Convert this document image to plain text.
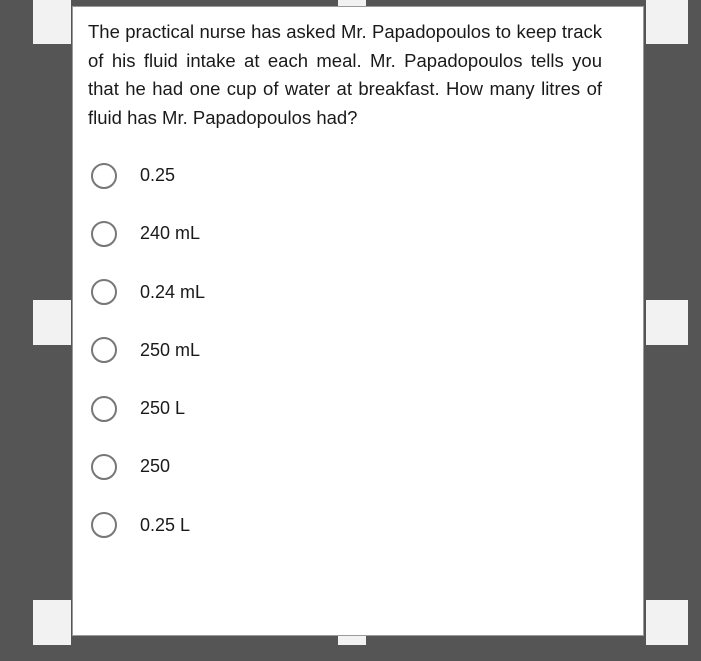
The practical nurse has asked Mr. Papadopoulos to keep track of his fluid intake at each meal. Mr. Papadopoulos tells you that he had one cup of water at breakfast. How many litres of fluid has Mr. Papadopoulos had?

0.25
240 mL
0.24 mL
250 mL
250 L
250
0.25 L
